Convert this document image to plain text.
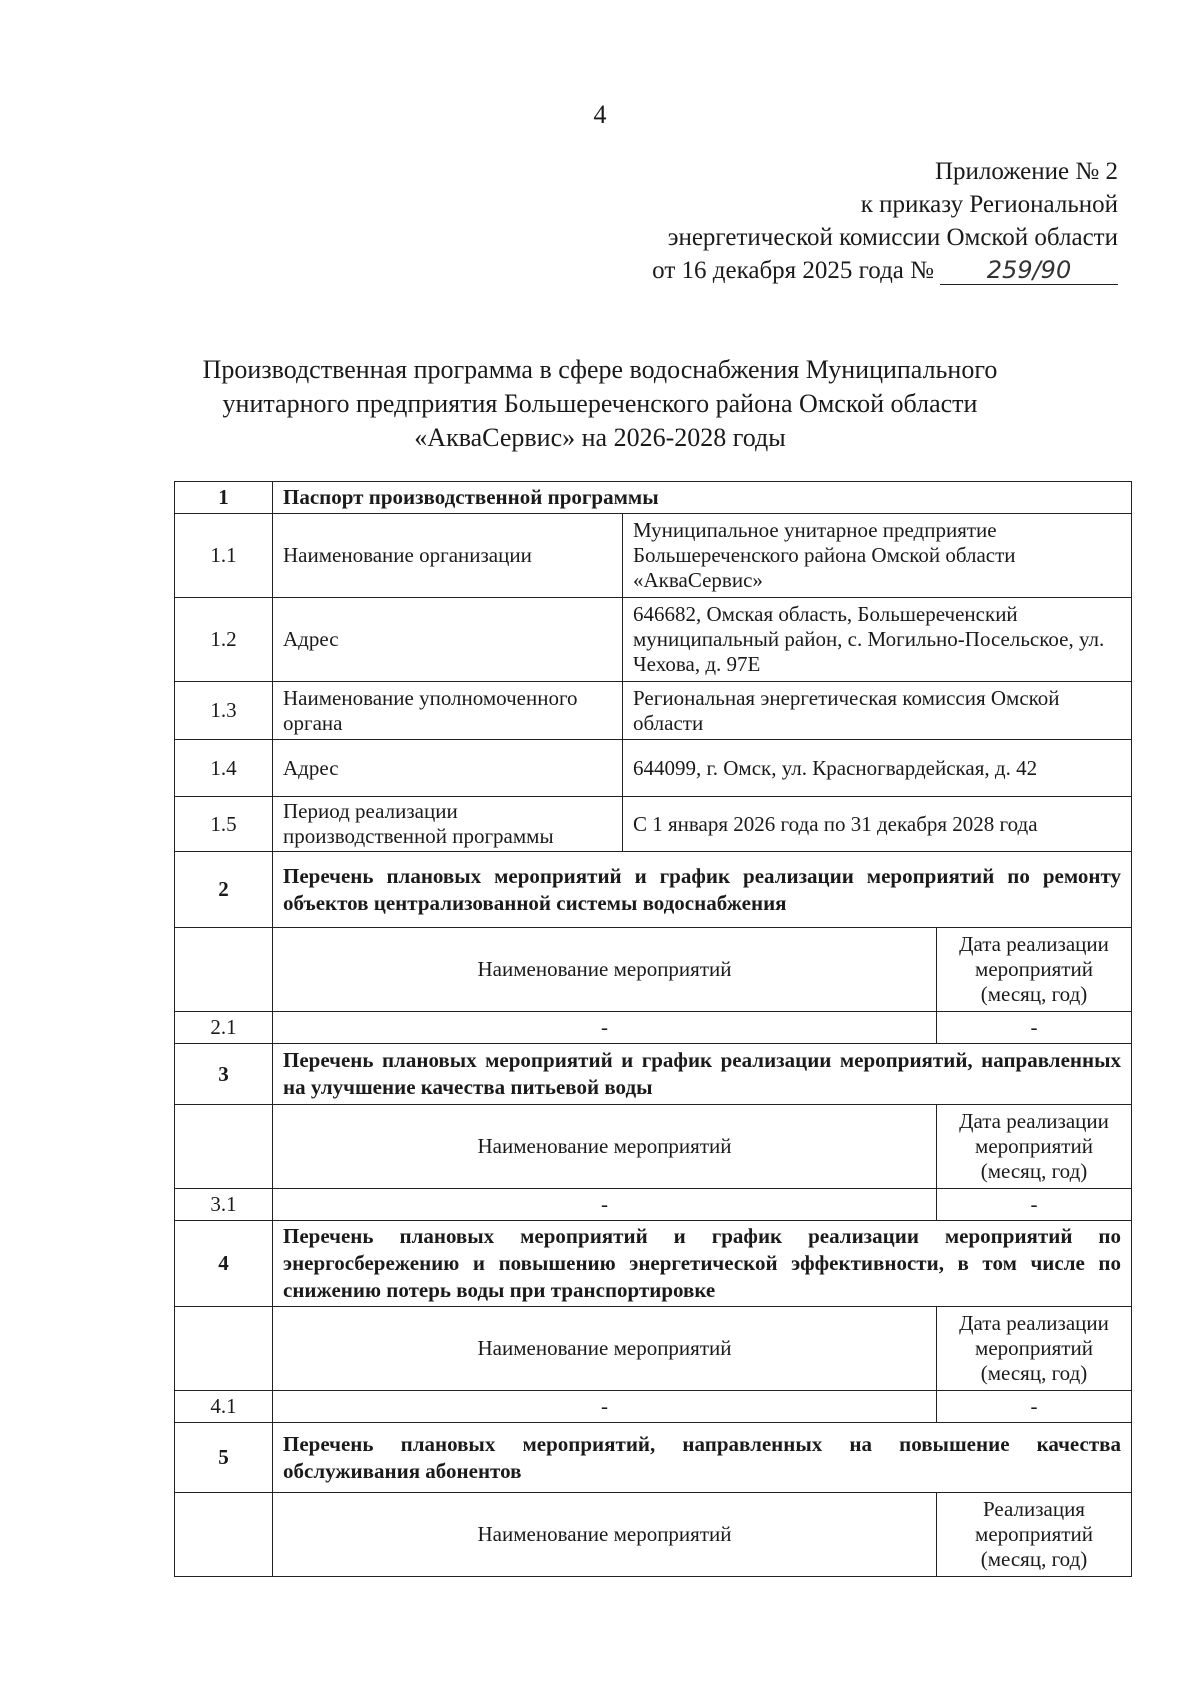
4
Приложение № 2
к приказу Региональной
энергетической комиссии Омской области
от 16 декабря 2025 года № 259/90
Производственная программа в сфере водоснабжения Муниципального
унитарного предприятия Большереченского района Омской области
«АкваСервис» на 2026-2028 годы
1	Паспорт производственной программы		
1.1	Наименование организации	Муниципальное унитарное предприятие Большереченского района Омской области «АкваСервис»	
1.2	Адрес	646682, Омская область, Большереченский муниципальный район, с. Могильно-Посельское, ул. Чехова, д. 97Е	
1.3	Наименование уполномоченного органа	Региональная энергетическая комиссия Омской области	
1.4	Адрес	644099, г. Омск, ул. Красногвардейская, д. 42	
1.5	Период реализации производственной программы	С 1 января 2026 года по 31 декабря 2028 года	
2	Перечень плановых мероприятий и график реализации мероприятий по ремонту объектов централизованной системы водоснабжения		
	Наименование мероприятий		Дата реализации мероприятий (месяц, год)
2.1	-		-
3	Перечень плановых мероприятий и график реализации мероприятий, направленных на улучшение качества питьевой воды		
	Наименование мероприятий		Дата реализации мероприятий (месяц, год)
3.1	-		-
4	Перечень плановых мероприятий и график реализации мероприятий по энергосбережению и повышению энергетической эффективности, в том числе по снижению потерь воды при транспортировке		
	Наименование мероприятий		Дата реализации мероприятий (месяц, год)
4.1	-		-
5	Перечень плановых мероприятий, направленных на повышение качества обслуживания абонентов		
	Наименование мероприятий		Реализация мероприятий (месяц, год)
